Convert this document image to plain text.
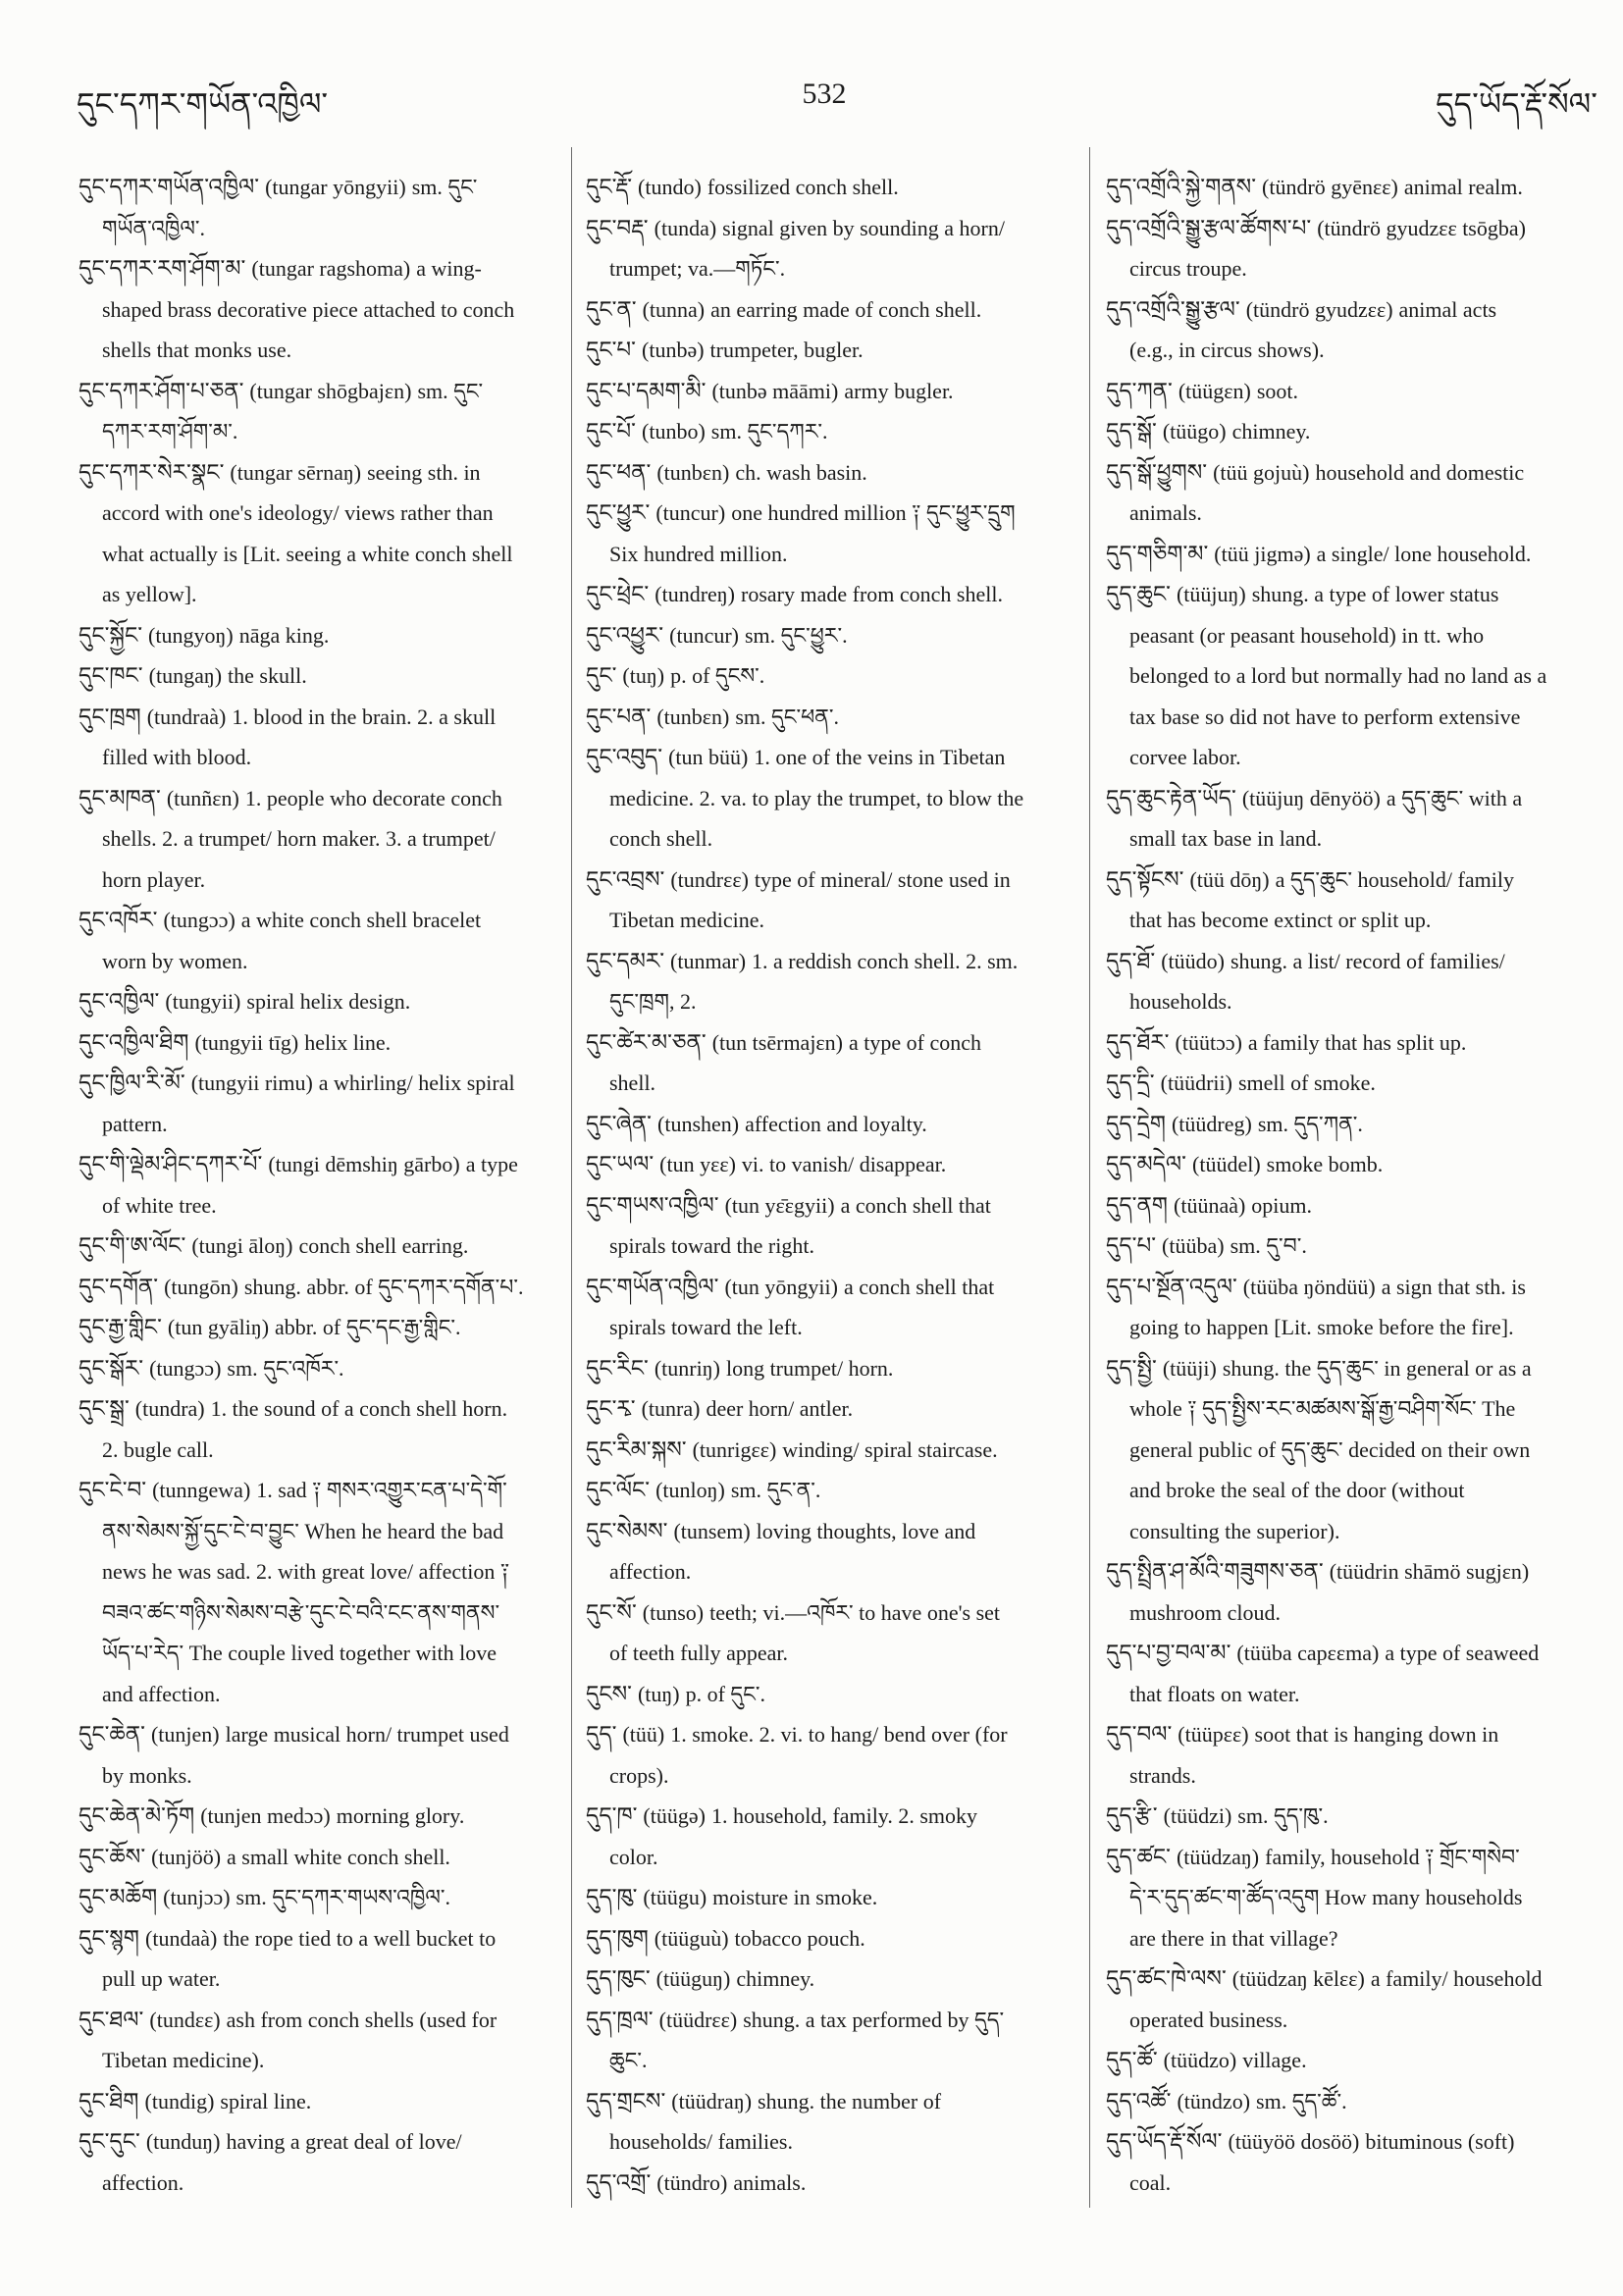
དུང་དཀར་གཡོན་འཁྱིལ་	532	དུད་ཡོད་རྡོ་སོལ་
དུང་དཀར་གཡོན་འཁྱིལ་ (tungar yōngyii) sm. དུང་
གཡོན་འཁྱིལ་.
དུང་དཀར་རག་ཤོག་མ་ (tungar ragshoma) a wing-
shaped brass decorative piece attached to conch
shells that monks use.
དུང་དཀར་ཤོག་པ་ཅན་ (tungar shōgbajɛn) sm. དུང་
དཀར་རག་ཤོག་མ་.
དུང་དཀར་སེར་སྣང་ (tungar sērnaŋ) seeing sth. in
accord with one's ideology/ views rather than
what actually is [Lit. seeing a white conch shell
as yellow].
དུང་སྐྱོང་ (tungyoŋ) nāga king.
དུང་ཁང་ (tungaŋ) the skull.
དུང་ཁྲག (tundraà) 1. blood in the brain. 2. a skull
filled with blood.
དུང་མཁན་ (tunñɛn) 1. people who decorate conch
shells. 2. a trumpet/ horn maker. 3. a trumpet/
horn player.
དུང་འཁོར་ (tungɔɔ) a white conch shell bracelet
worn by women.
དུང་འཁྱིལ་ (tungyii) spiral helix design.
དུང་འཁྱིལ་ཐིག (tungyii tīg) helix line.
དུང་ཁྱིལ་རི་མོ་ (tungyii rimu) a whirling/ helix spiral
pattern.
དུང་གི་ལྡེམ་ཤིང་དཀར་པོ་ (tungi dēmshiŋ gārbo) a type
of white tree.
དུང་གི་ཨ་ལོང་ (tungi āloŋ) conch shell earring.
དུང་དགོན་ (tungōn) shung. abbr. of དུང་དཀར་དགོན་པ་.
དུང་རྒྱ་གླིང་ (tun gyāliŋ) abbr. of དུང་དང་རྒྱ་གླིང་.
དུང་སྒོར་ (tungɔɔ) sm. དུང་འཁོར་.
དུང་སྒྲ་ (tundra) 1. the sound of a conch shell horn.
2. bugle call.
དུང་ངེ་བ་ (tunngewa) 1. sad ༑ གསར་འགྱུར་ངན་པ་དེ་གོ་
ནས་སེམས་སྐྱོ་དུང་ངེ་བ་བྱུང་ When he heard the bad
news he was sad. 2. with great love/ affection ༑
བཟའ་ཚང་གཉིས་སེམས་བརྩེ་དུང་ངེ་བའི་ངང་ནས་གནས་
ཡོད་པ་རེད་ The couple lived together with love
and affection.
དུང་ཆེན་ (tunjen) large musical horn/ trumpet used
by monks.
དུང་ཆེན་མེ་ཏོག (tunjen medɔɔ) morning glory.
དུང་ཆོས་ (tunjöö) a small white conch shell.
དུང་མཆོག (tunjɔɔ) sm. དུང་དཀར་གཡས་འཁྱིལ་.
དུང་སྙག (tundaà) the rope tied to a well bucket to
pull up water.
དུང་ཐལ་ (tundɛɛ) ash from conch shells (used for
Tibetan medicine).
དུང་ཐིག (tundig) spiral line.
དུང་དུང་ (tunduŋ) having a great deal of love/
affection.
དུང་རྡོ་ (tundo) fossilized conch shell.
དུང་བརྡ་ (tunda) signal given by sounding a horn/
trumpet; va.—གཏོང་.
དུང་ན་ (tunna) an earring made of conch shell.
དུང་པ་ (tunbə) trumpeter, bugler.
དུང་པ་དམག་མི་ (tunbə māāmi) army bugler.
དུང་པོ་ (tunbo) sm. དུང་དཀར་.
དུང་ཕན་ (tunbɛn) ch. wash basin.
དུང་ཕྱུར་ (tuncur) one hundred million ༑ དུང་ཕྱུར་དྲུག
Six hundred million.
དུང་ཕྲེང་ (tundreŋ) rosary made from conch shell.
དུང་འཕྱུར་ (tuncur) sm. དུང་ཕྱུར་.
དུང་ (tuŋ) p. of དུངས་.
དུང་པན་ (tunbɛn) sm. དུང་ཕན་.
དུང་འབུད་ (tun büü) 1. one of the veins in Tibetan
medicine. 2. va. to play the trumpet, to blow the
conch shell.
དུང་འབྲས་ (tundrɛɛ) type of mineral/ stone used in
Tibetan medicine.
དུང་དམར་ (tunmar) 1. a reddish conch shell. 2. sm.
དུང་ཁྲག, 2.
དུང་ཚེར་མ་ཅན་ (tun tsērmajɛn) a type of conch
shell.
དུང་ཞེན་ (tunshen) affection and loyalty.
དུང་ཡལ་ (tun yɛɛ) vi. to vanish/ disappear.
དུང་གཡས་འཁྱིལ་ (tun yɛ̄ɛgyii) a conch shell that
spirals toward the right.
དུང་གཡོན་འཁྱིལ་ (tun yōngyii) a conch shell that
spirals toward the left.
དུང་རིང་ (tunriŋ) long trumpet/ horn.
དུང་རྭ་ (tunra) deer horn/ antler.
དུང་རིམ་སྐས་ (tunrigɛɛ) winding/ spiral staircase.
དུང་ལོང་ (tunloŋ) sm. དུང་ན་.
དུང་སེམས་ (tunsem) loving thoughts, love and
affection.
དུང་སོ་ (tunso) teeth; vi.—འཁོར་ to have one's set
of teeth fully appear.
དུངས་ (tuŋ) p. of དུང་.
དུད་ (tüü) 1. smoke. 2. vi. to hang/ bend over (for
crops).
དུད་ཁ་ (tüügə) 1. household, family. 2. smoky
color.
དུད་ཁུ་ (tüügu) moisture in smoke.
དུད་ཁུག (tüüguù) tobacco pouch.
དུད་ཁུང་ (tüüguŋ) chimney.
དུད་ཁྲལ་ (tüüdrɛɛ) shung. a tax performed by དུད་
ཆུང་.
དུད་གྲངས་ (tüüdraŋ) shung. the number of
households/ families.
དུད་འགྲོ་ (tündro) animals.
དུད་འགྲོའི་སྐྱེ་གནས་ (tündrö gyēnɛɛ) animal realm.
དུད་འགྲོའི་སྒྱུ་རྩལ་ཚོགས་པ་ (tündrö gyudzɛɛ tsōgba)
circus troupe.
དུད་འགྲོའི་སྒྱུ་རྩལ་ (tündrö gyudzɛɛ) animal acts
(e.g., in circus shows).
དུད་ཀན་ (tüügɛn) soot.
དུད་སྒོ་ (tüügo) chimney.
དུད་སྒོ་ཕྱུགས་ (tüü gojuù) household and domestic
animals.
དུད་གཅིག་མ་ (tüü jigmə) a single/ lone household.
དུད་ཆུང་ (tüüjuŋ) shung. a type of lower status
peasant (or peasant household) in tt. who
belonged to a lord but normally had no land as a
tax base so did not have to perform extensive
corvee labor.
དུད་ཆུང་རྟེན་ཡོད་ (tüüjuŋ dēnyöö) a དུད་ཆུང་ with a
small tax base in land.
དུད་སྟོངས་ (tüü dōŋ) a དུད་ཆུང་ household/ family
that has become extinct or split up.
དུད་ཐོ་ (tüüdo) shung. a list/ record of families/
households.
དུད་ཐོར་ (tüütɔɔ) a family that has split up.
དུད་དྲི་ (tüüdrii) smell of smoke.
དུད་དྲེག (tüüdreg) sm. དུད་ཀན་.
དུད་མདེལ་ (tüüdel) smoke bomb.
དུད་ནག (tüünaà) opium.
དུད་པ་ (tüüba) sm. དུ་བ་.
དུད་པ་སྔོན་འདུལ་ (tüüba ŋöndüü) a sign that sth. is
going to happen [Lit. smoke before the fire].
དུད་སྤྱི་ (tüüji) shung. the དུད་ཆུང་ in general or as a
whole ༑ དུད་སྤྱིས་རང་མཚམས་སྒོ་རྒྱ་བཤིག་སོང་ The
general public of དུད་ཆུང་ decided on their own
and broke the seal of the door (without
consulting the superior).
དུད་སྤྲིན་ཤ་མོའི་གཟུགས་ཅན་ (tüüdrin shāmö sugjɛn)
mushroom cloud.
དུད་པ་བྱ་བལ་མ་ (tüüba capɛɛma) a type of seaweed
that floats on water.
དུད་བལ་ (tüüpɛɛ) soot that is hanging down in
strands.
དུད་རྩི་ (tüüdzi) sm. དུད་ཁུ་.
དུད་ཚང་ (tüüdzaŋ) family, household ༑ གྲོང་གསེབ་
དེ་ར་དུད་ཚང་ག་ཚོད་འདུག How many households
are there in that village?
དུད་ཚང་ཁེ་ལས་ (tüüdzaŋ kēlɛɛ) a family/ household
operated business.
དུད་ཚོ་ (tüüdzo) village.
དུད་འཚོ་ (tündzo) sm. དུད་ཚོ་.
དུད་ཡོད་རྡོ་སོལ་ (tüüyöö dosöö) bituminous (soft)
coal.
